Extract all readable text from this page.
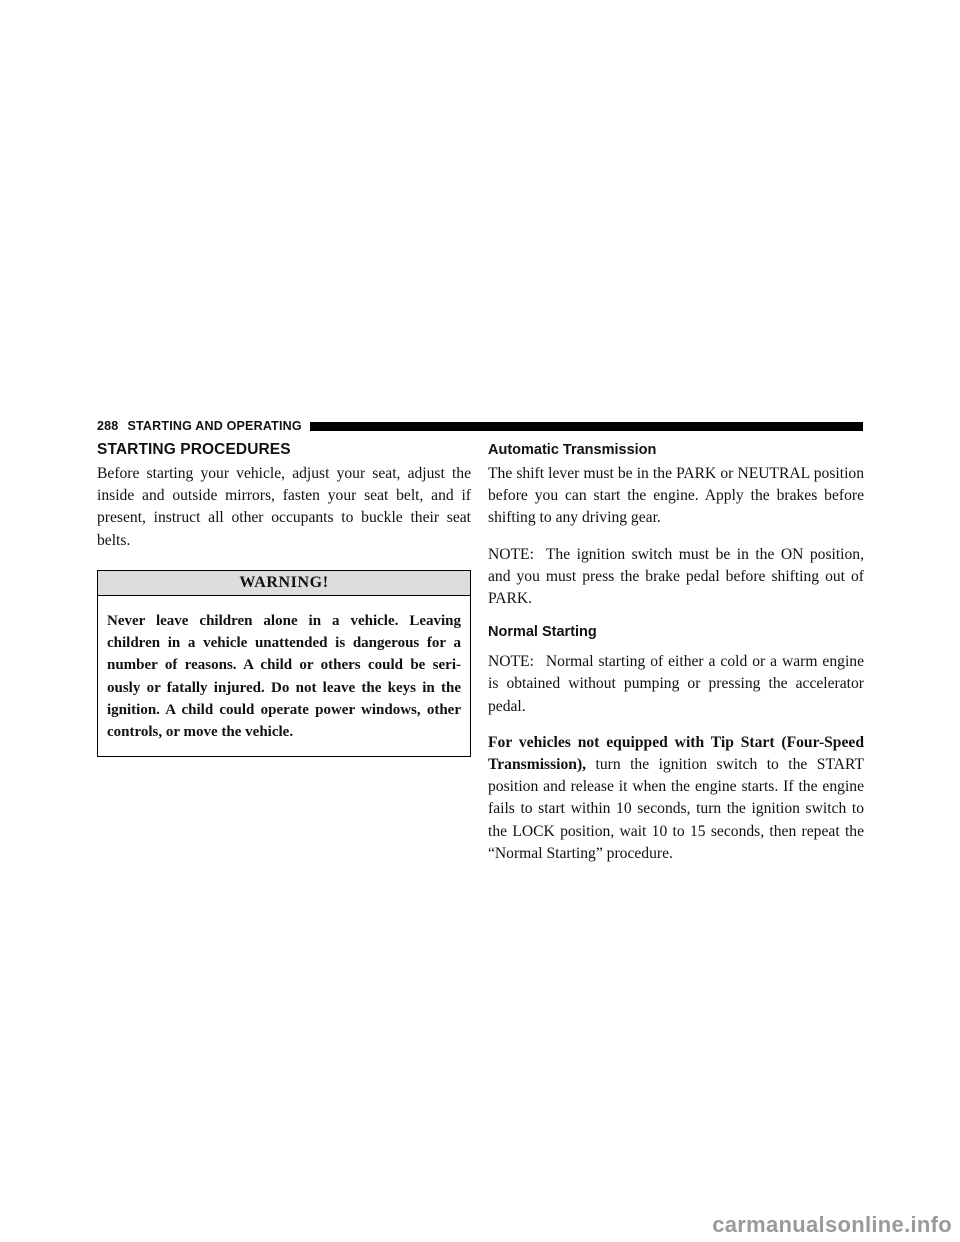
288 STARTING AND OPERATING
STARTING PROCEDURES

Before starting your vehicle, adjust your seat, adjust the inside and outside mirrors, fasten your seat belt, and if present, instruct all other occupants to buckle their seat belts.

WARNING!
Never leave children alone in a vehicle. Leaving children in a vehicle unattended is dangerous for a number of reasons. A child or others could be seri-ously or fatally injured. Do not leave the keys in the ignition. A child could operate power windows, other controls, or move the vehicle.
Automatic Transmission

The shift lever must be in the PARK or NEUTRAL position before you can start the engine. Apply the brakes before shifting to any driving gear.

NOTE: The ignition switch must be in the ON position, and you must press the brake pedal before shifting out of PARK.

Normal Starting

NOTE: Normal starting of either a cold or a warm engine is obtained without pumping or pressing the accelerator pedal.

For vehicles not equipped with Tip Start (Four-Speed Transmission), turn the ignition switch to the START position and release it when the engine starts. If the engine fails to start within 10 seconds, turn the ignition switch to the LOCK position, wait 10 to 15 seconds, then repeat the “Normal Starting” procedure.

carmanualsonline.info
